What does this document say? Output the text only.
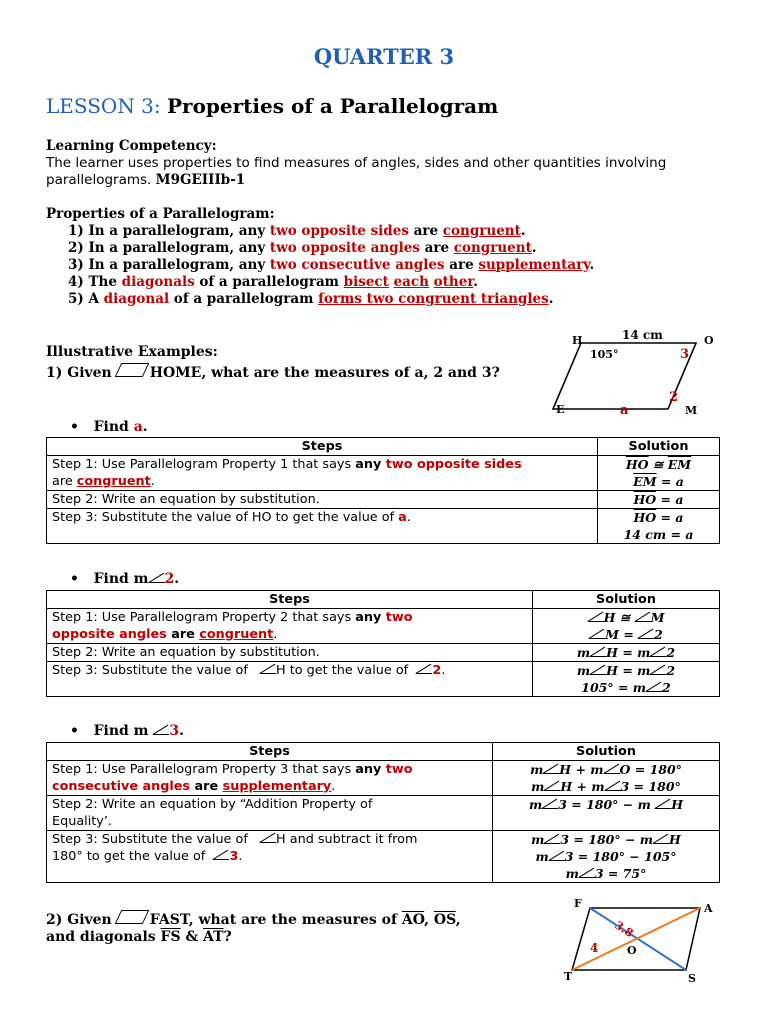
QUARTER 3
LESSON 3: Properties of a Parallelogram
Learning Competency:
The learner uses properties to find measures of angles, sides and other quantities involving
parallelograms. M9GEIIIb-1
Properties of a Parallelogram:
1) In a parallelogram, any two opposite sides are congruent.
2) In a parallelogram, any two opposite angles are congruent.
3) In a parallelogram, any two consecutive angles are supplementary.
4) The diagonals of a parallelogram bisect each other.
5) A diagonal of a parallelogram forms two congruent triangles.
Illustrative Examples:
1) Given	HOME, what are the measures of a, 2 and 3?
H	O
E	M
14 cm
105°	3
2
a
• Find a.
Steps	Solution
Step 1: Use Parallelogram Property 1 that says any two opposite sides
are congruent.	$\overline{HO}$ ≅ $\overline{EM}$
$\overline{EM} = a$
Step 2: Write an equation by substitution.	$\overline{HO} = a$
Step 3: Substitute the value of HO to get the value of a.	$\overline{HO} = a$
14 cm = a
• Find m 2.
Steps	Solution
Step 1: Use Parallelogram Property 2 that says any two
opposite angles are congruent.	H ≅ M
M = 2
Step 2: Write an equation by substitution.	m H = m 2
Step 3: Substitute the value of   H to get the value of  2.	m H = m 2
105° = m 2
• Find m 3.
Steps	Solution
Step 1: Use Parallelogram Property 3 that says any two
consecutive angles are supplementary.	m H + m O = 180°
m H + m 3 = 180°
Step 2: Write an equation by “Addition Property of
Equality’.	m 3 = 180° − m H
Step 3: Substitute the value of   H and subtract it from
180° to get the value of  3.	m 3 = 180° − m H
m 3 = 180° − 105°
m 3 = 75°
2) Given	FAST, what are the measures of $\overline{AO}$, $\overline{OS}$,
and diagonals $\overline{FS}$ & $\overline{AT}$?
F	A
T	S
O
3.8
4
